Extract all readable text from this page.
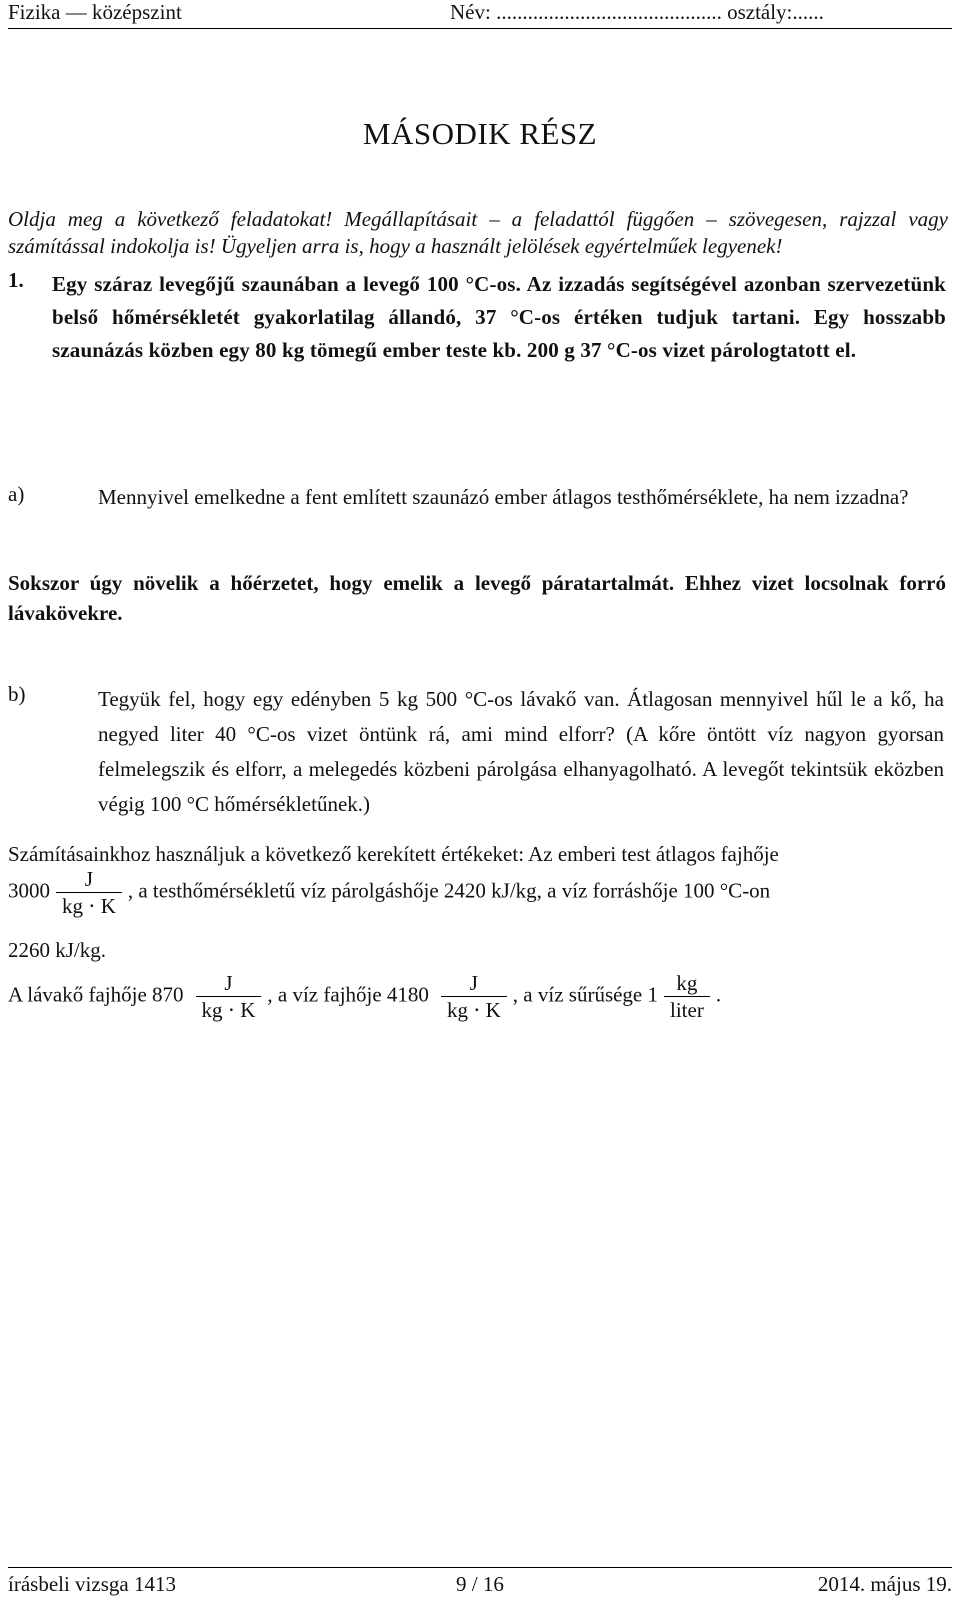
Fizika — középszint	Név: ........................................... osztály:......
MÁSODIK RÉSZ
Oldja meg a következő feladatokat! Megállapításait – a feladattól függően – szövegesen, rajzzal vagy számítással indokolja is! Ügyeljen arra is, hogy a használt jelölések egyértelműek legyenek!
1. Egy száraz levegőjű szaunában a levegő 100 °C-os. Az izzadás segítségével azonban szervezetünk belső hőmérsékletét gyakorlatilag állandó, 37 °C-os értéken tudjuk tartani. Egy hosszabb szaunázás közben egy 80 kg tömegű ember teste kb. 200 g 37 °C-os vizet párologtatott el.
a)	Mennyivel emelkedne a fent említett szaunázó ember átlagos testhőmérséklete, ha nem izzadna?
Sokszor úgy növelik a hőérzetet, hogy emelik a levegő páratartalmát. Ehhez vizet locsolnak forró lávakövekre.
b)	Tegyük fel, hogy egy edényben 5 kg 500 °C-os lávakő van. Átlagosan mennyivel hűl le a kő, ha negyed liter 40 °C-os vizet öntünk rá, ami mind elforr? (A kőre öntött víz nagyon gyorsan felmelegszik és elforr, a melegedés közbeni párolgása elhanyagolható. A levegőt tekintsük eközben végig 100 °C hőmérsékletűnek.)
Számításainkhoz használjuk a következő kerekített értékeket: Az emberi test átlagos fajhője
$3000 \frac{J}{kg \cdot K}$ , a testhőmérsékletű víz párolgáshője 2420 kJ/kg, a víz forráshője 100 °C-on
2260 kJ/kg.
A lávakő fajhője $870 \frac{J}{kg \cdot K}$ , a víz fajhője $4180 \frac{J}{kg \cdot K}$ , a víz sűrűsége $1 \frac{kg}{\text{liter}}$ .
írásbeli vizsga 1413	9 / 16	2014. május 19.
